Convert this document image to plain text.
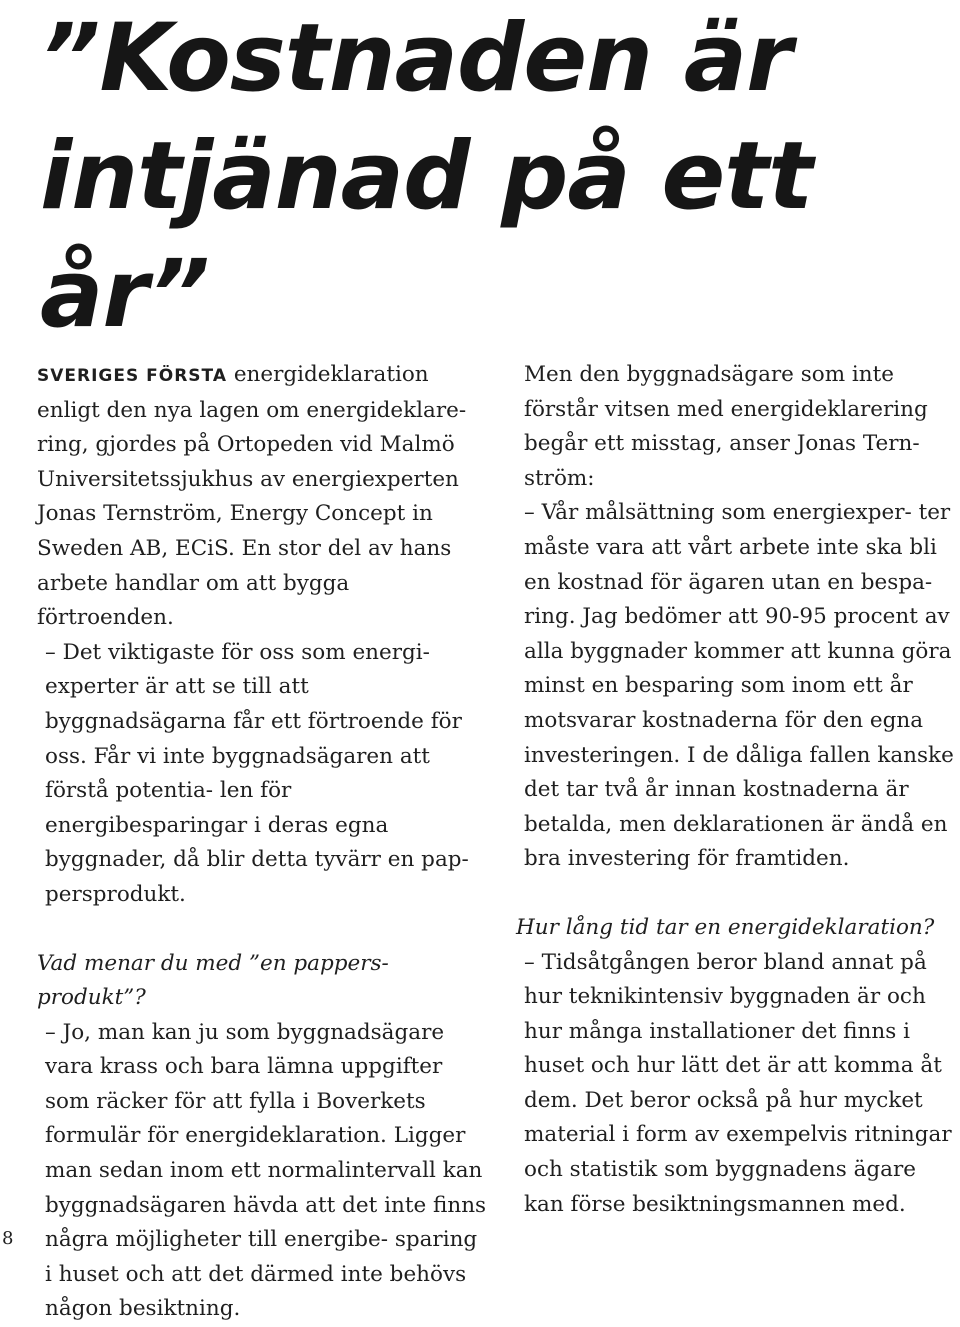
”Kostnaden är
intjänad på ett år”

SVERIGES FÖRSTA energideklaration enligt den nya lagen om energideklare- ring, gjordes på Ortopeden vid Malmö Universitetssjukhus av energiexperten Jonas Ternström, Energy Concept in Sweden AB, ECiS. En stor del av hans arbete handlar om att bygga förtroenden.

– Det viktigaste för oss som energi- experter är att se till att byggnadsägarna får ett förtroende för oss. Får vi inte byggnadsägaren att förstå potentia- len för energibesparingar i deras egna byggnader, då blir detta tyvärr en pap- persprodukt.

Vad menar du med ”en pappers- produkt”?

– Jo, man kan ju som byggnadsägare vara krass och bara lämna uppgifter som räcker för att fylla i Boverkets formulär för energideklaration. Ligger man sedan inom ett normalintervall kan byggnadsägaren hävda att det inte finns några möjligheter till energibe- sparing i huset och att det därmed inte behövs någon besiktning.

Men den byggnadsägare som inte förstår vitsen med energideklarering begår ett misstag, anser Jonas Tern- ström:

– Vår målsättning som energiexper- ter måste vara att vårt arbete inte ska bli en kostnad för ägaren utan en bespa- ring. Jag bedömer att 90-95 procent av alla byggnader kommer att kunna göra minst en besparing som inom ett år motsvarar kostnaderna för den egna investeringen. I de dåliga fallen kanske det tar två år innan kostnaderna är betalda, men deklarationen är ändå en bra investering för framtiden.

Hur lång tid tar en energideklaration?

– Tidsåtgången beror bland annat på hur teknikintensiv byggnaden är och hur många installationer det finns i huset och hur lätt det är att komma åt dem. Det beror också på hur mycket material i form av exempelvis ritningar och statistik som byggnadens ägare kan förse besiktningsmannen med.

8
